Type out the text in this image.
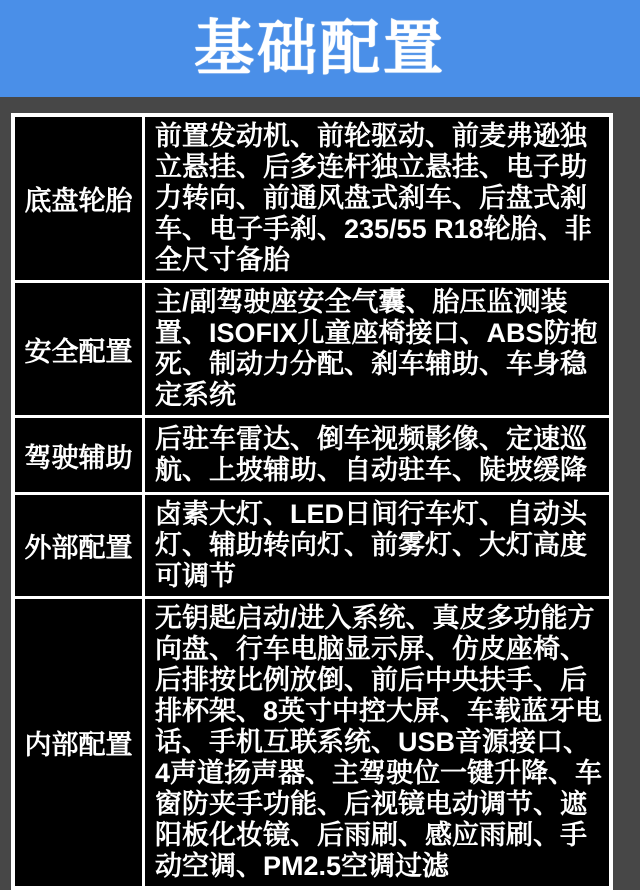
基础配置
底盘轮胎	前置发动机、前轮驱动、前麦弗逊独立悬挂、后多连杆独立悬挂、电子助力转向、前通风盘式刹车、后盘式刹车、电子手刹、235/55 R18轮胎、非全尺寸备胎
安全配置	主/副驾驶座安全气囊、胎压监测装置、ISOFIX儿童座椅接口、ABS防抱死、制动力分配、刹车辅助、车身稳定系统
驾驶辅助	后驻车雷达、倒车视频影像、定速巡航、上坡辅助、自动驻车、陡坡缓降
外部配置	卤素大灯、LED日间行车灯、自动头灯、辅助转向灯、前雾灯、大灯高度可调节
内部配置	无钥匙启动/进入系统、真皮多功能方向盘、行车电脑显示屏、仿皮座椅、后排按比例放倒、前后中央扶手、后排杯架、8英寸中控大屏、车载蓝牙电话、手机互联系统、USB音源接口、4声道扬声器、主驾驶位一键升降、车窗防夹手功能、后视镜电动调节、遮阳板化妆镜、后雨刷、感应雨刷、手动空调、PM2.5空调过滤
